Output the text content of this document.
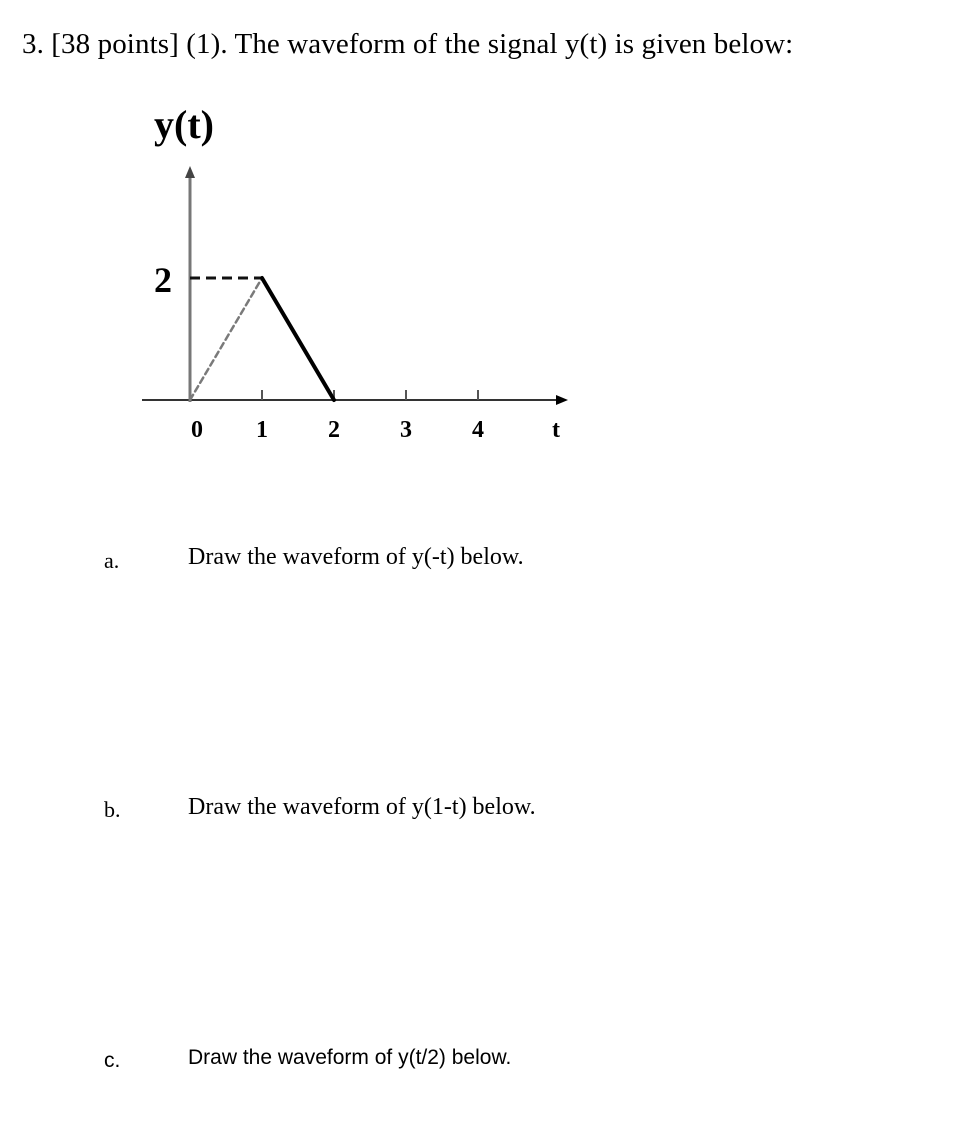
3. [38 points] (1). The waveform of the signal y(t) is given below:
y(t)
0 1	2	3	4
2
t
a.	Draw the waveform of y(-t) below.
b.	Draw the waveform of y(1-t) below.
c.	Draw the waveform of y(t/2) below.
